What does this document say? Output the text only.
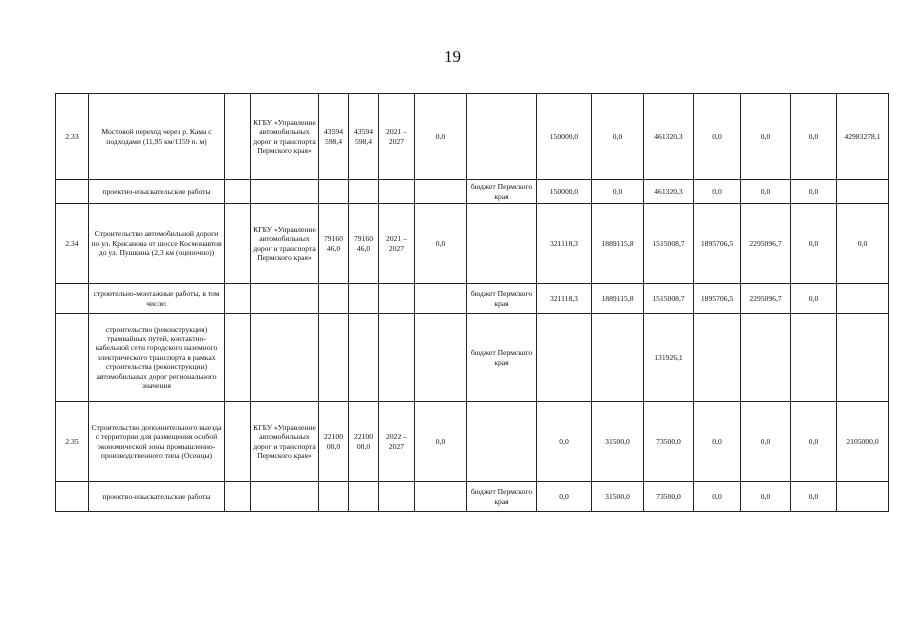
19
2.33	Мостовой переход через р. Кама с подходами (11,95 км/1159 п. м)		КГБУ «Управление автомобильных дорог и транспорта Пермского края»	43594 598,4	43594 598,4	2021 – 2027	0,0		150000,0	0,0	461320,3	0,0	0,0	0,0	42983278,1
	проектно-изыскательские работы							бюджет Пермского края	150000,0	0,0	461320,3	0,0	0,0	0,0	
2.34	Строительство автомобильной дороги по ул. Крисанова от шоссе Космонавтов до ул. Пушкина (2,3 км (оценочно))		КГБУ «Управление автомобильных дорог и транспорта Пермского края»	79160 46,0	79160 46,0	2021 – 2027	0,0		321118,3	1889115,8	1515008,7	1895706,5	2295096,7	0,0	0,0
	строительно-монтажные работы, в том числе:							бюджет Пермского края	321118,3	1889115,8	1515008,7	1895706,5	2295096,7	0,0	
	строительство (реконструкция) трамвайных путей, контактно-кабельной сети городского наземного электрического транспорта в рамках строительства (реконструкции) автомобильных дорог регионального значения							бюджет Пермского края			131926,1				
2.35	Строительство дополнительного выезда с территории для размещения особой экономической зоны промышленно-производственного типа (Осенцы)		КГБУ «Управление автомобильных дорог и транспорта Пермского края»	22100 00,0	22100 00,0	2022 – 2027	0,0		0,0	31500,0	73500,0	0,0	0,0	0,0	2105000,0
	проектно-изыскательские работы							бюджет Пермского края	0,0	31500,0	73500,0	0,0	0,0	0,0	
